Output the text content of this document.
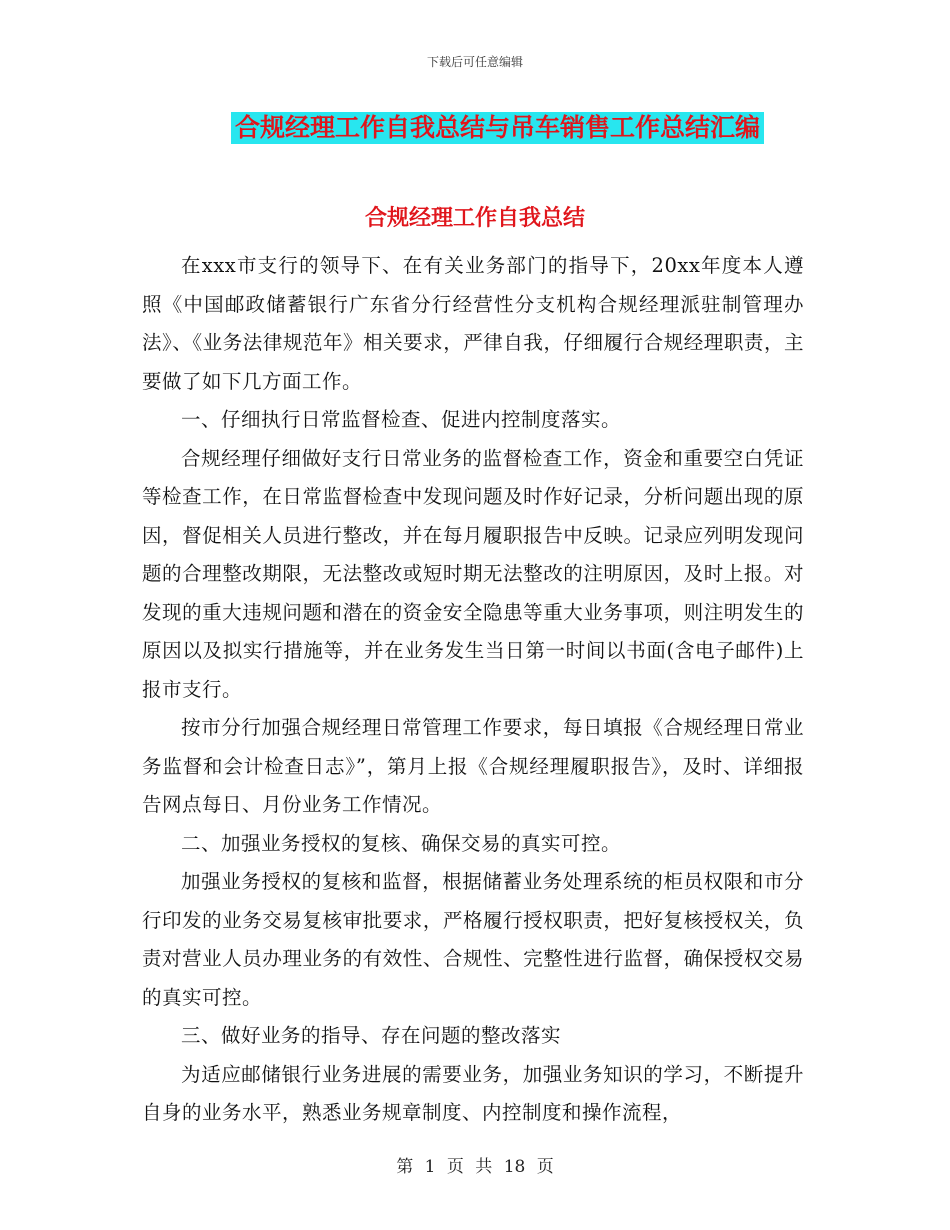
下载后可任意编辑
合规经理工作自我总结与吊车销售工作总结汇编
合规经理工作自我总结

在xxx市支行的领导下、在有关业务部门的指导下，20xx年度本人遵照《中国邮政储蓄银行广东省分行经营性分支机构合规经理派驻制管理办法》、《业务法律规范年》相关要求，严律自我，仔细履行合规经理职责，主要做了如下几方面工作。

一、仔细执行日常监督检查、促进内控制度落实。

合规经理仔细做好支行日常业务的监督检查工作，资金和重要空白凭证等检查工作，在日常监督检查中发现问题及时作好记录，分析问题出现的原因，督促相关人员进行整改，并在每月履职报告中反映。记录应列明发现问题的合理整改期限，无法整改或短时期无法整改的注明原因，及时上报。对发现的重大违规问题和潜在的资金安全隐患等重大业务事项，则注明发生的原因以及拟实行措施等，并在业务发生当日第一时间以书面(含电子邮件)上报市支行。

按市分行加强合规经理日常管理工作要求，每日填报《合规经理日常业务监督和会计检查日志》”，第月上报《合规经理履职报告》，及时、详细报告网点每日、月份业务工作情况。

二、加强业务授权的复核、确保交易的真实可控。

加强业务授权的复核和监督，根据储蓄业务处理系统的柜员权限和市分行印发的业务交易复核审批要求，严格履行授权职责，把好复核授权关，负责对营业人员办理业务的有效性、合规性、完整性进行监督，确保授权交易的真实可控。

三、做好业务的指导、存在问题的整改落实

为适应邮储银行业务进展的需要业务，加强业务知识的学习，不断提升自身的业务水平，熟悉业务规章制度、内控制度和操作流程，

第 1 页 共 18 页
